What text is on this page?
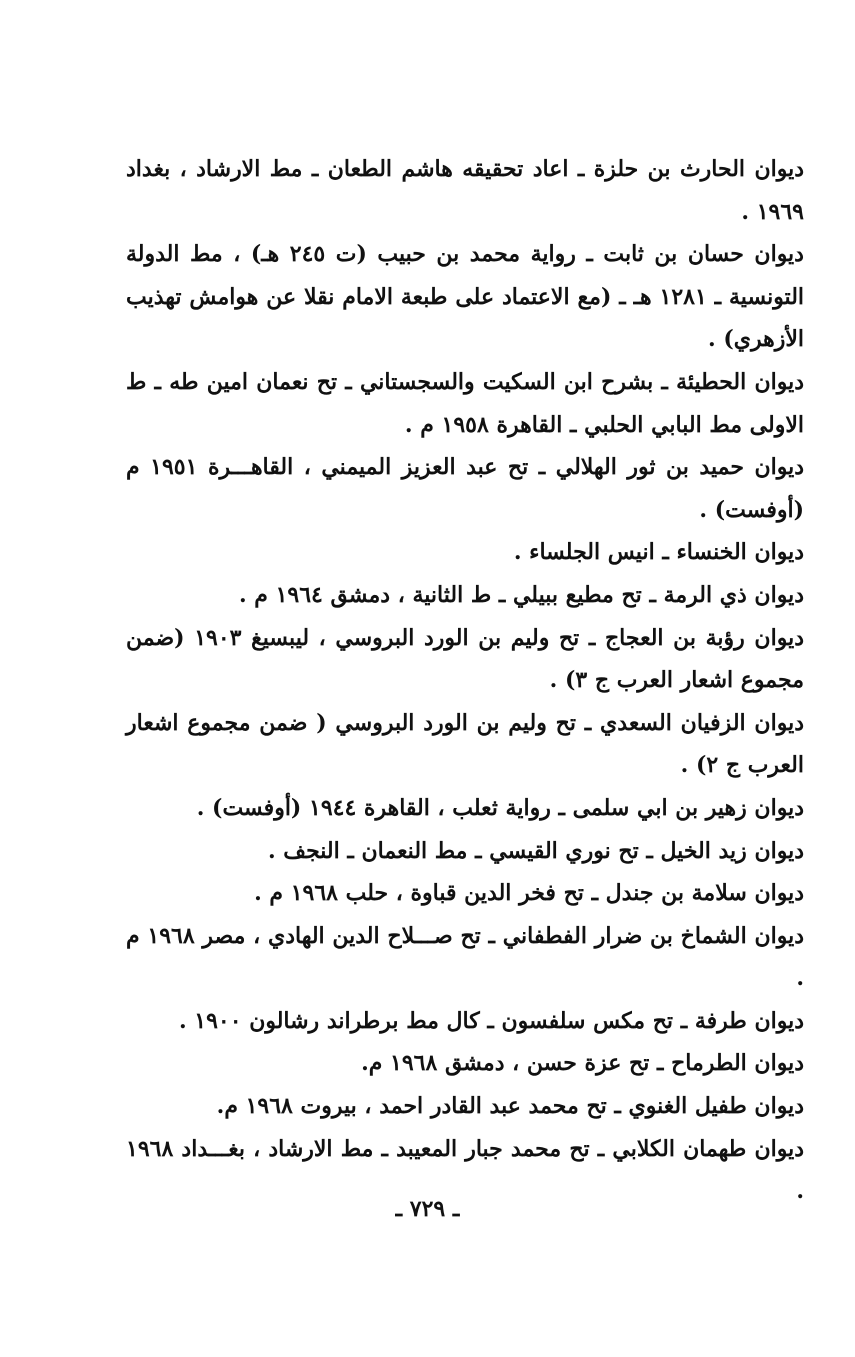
ديوان الحارث بن حلزة ـ اعاد تحقيقه هاشم الطعان ـ مط الارشاد ، بغداد ١٩٦٩ .

ديوان حسان بن ثابت ـ رواية محمد بن حبيب (ت ٢٤٥ هـ) ، مط الدولة التونسية ـ ١٢٨١ هـ ـ (مع الاعتماد على طبعة الامام نقلا عن هوامش تهذيب الأزهري) .

ديوان الحطيئة ـ بشرح ابن السكيت والسجستاني ـ تح نعمان امين طه ـ ط الاولى مط البابي الحلبي ـ القاهرة ١٩٥٨ م .

ديوان حميد بن ثور الهلالي ـ تح عبد العزيز الميمني ، القاهـــرة ١٩٥١ م (أوفست) .

ديوان الخنساء ـ انيس الجلساء .

ديوان ذي الرمة ـ تح مطيع ببيلي ـ ط الثانية ، دمشق ١٩٦٤ م .

ديوان رؤبة بن العجاج ـ تح وليم بن الورد البروسي ، ليبسيغ ١٩٠٣ (ضمن مجموع اشعار العرب ج ٣) .

ديوان الزفيان السعدي ـ تح وليم بن الورد البروسي ( ضمن مجموع اشعار العرب ج ٢) .

ديوان زهير بن ابي سلمى ـ رواية ثعلب ، القاهرة ١٩٤٤ (أوفست) .

ديوان زيد الخيل ـ تح نوري القيسي ـ مط النعمان ـ النجف .

ديوان سلامة بن جندل ـ تح فخر الدين قباوة ، حلب ١٩٦٨ م .

ديوان الشماخ بن ضرار الفطفاني ـ تح صـــلاح الدين الهادي ، مصر ١٩٦٨ م .

ديوان طرفة ـ تح مكس سلفسون ـ كال مط برطراند رشالون ١٩٠٠ .

ديوان الطرماح ـ تح عزة حسن ، دمشق ١٩٦٨ م.

ديوان طفيل الغنوي ـ تح محمد عبد القادر احمد ، بيروت ١٩٦٨ م.

ديوان طهمان الكلابي ـ تح محمد جبار المعيبد ـ مط الارشاد ، بغـــداد ١٩٦٨ .

ـ ٧٢٩ ـ
